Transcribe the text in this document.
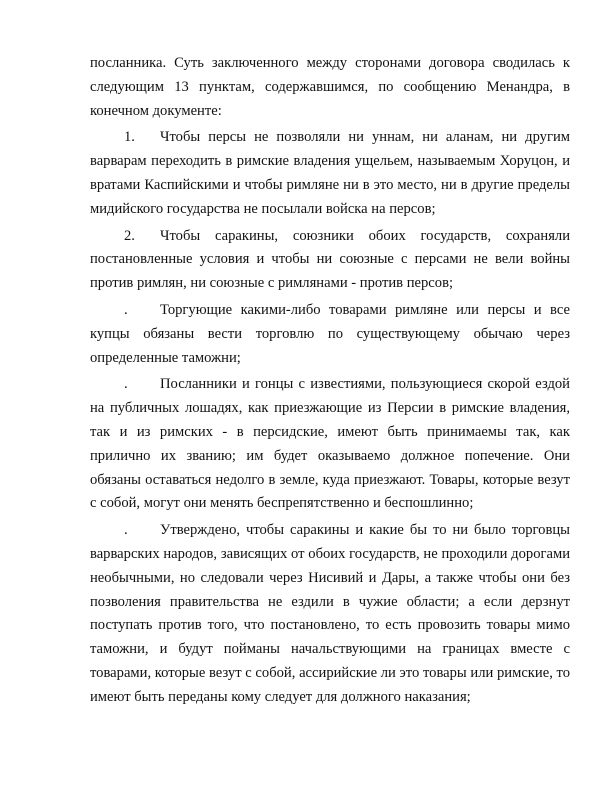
посланника. Суть заключенного между сторонами договора сводилась к следующим 13 пунктам, содержавшимся, по сообщению Менандра, в конечном документе:

1. Чтобы персы не позволяли ни уннам, ни аланам, ни другим варварам переходить в римские владения ущельем, называемым Хоруцон, и вратами Каспийскими и чтобы римляне ни в это место, ни в другие пределы мидийского государства не посылали войска на персов;

2. Чтобы саракины, союзники обоих государств, сохраняли постановленные условия и чтобы ни союзные с персами не вели войны против римлян, ни союзные с римлянами - против персов;

. Торгующие какими-либо товарами римляне или персы и все купцы обязаны вести торговлю по существующему обычаю через определенные таможни;

. Посланники и гонцы с известиями, пользующиеся скорой ездой на публичных лошадях, как приезжающие из Персии в римские владения, так и из римских - в персидские, имеют быть принимаемы так, как прилично их званию; им будет оказываемо должное попечение. Они обязаны оставаться недолго в земле, куда приезжают. Товары, которые везут с собой, могут они менять беспрепятственно и беспошлинно;

. Утверждено, чтобы саракины и какие бы то ни было торговцы варварских народов, зависящих от обоих государств, не проходили дорогами необычными, но следовали через Нисивий и Дары, а также чтобы они без позволения правительства не ездили в чужие области; а если дерзнут поступать против того, что постановлено, то есть провозить товары мимо таможни, и будут пойманы начальствующими на границах вместе с товарами, которые везут с собой, ассирийские ли это товары или римские, то имеют быть переданы кому следует для должного наказания;
